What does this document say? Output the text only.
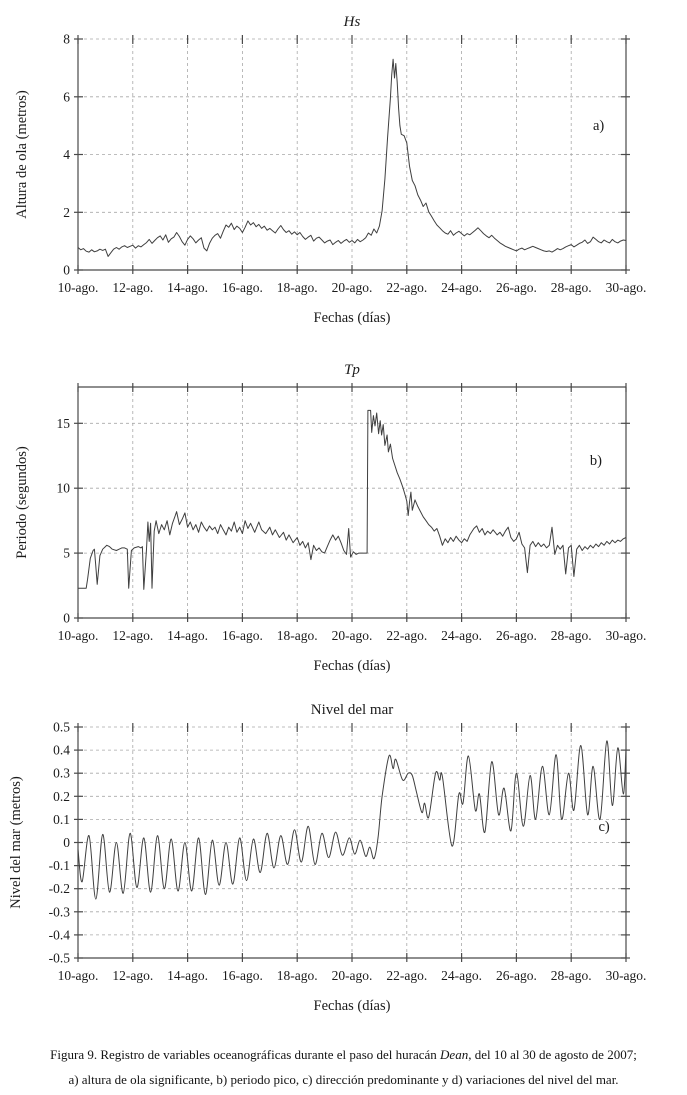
10-ago. 12-ago. 14-ago. 16-ago. 18-ago. 20-ago. 22-ago. 24-ago. 26-ago. 28-ago. 30-ago.
0
2
4
6
8
Hs
Fechas (días)
Altura de ola (metros)	a)
10-ago. 12-ago. 14-ago. 16-ago. 18-ago. 20-ago. 22-ago. 24-ago. 26-ago. 28-ago. 30-ago.
0
5
10
15
Tp
Fechas (días)
Periodo (segundos)	b)
10-ago. 12-ago. 14-ago. 16-ago. 18-ago. 20-ago. 22-ago. 24-ago. 26-ago. 28-ago. 30-ago.
-0.5
-0.4
-0.3
-0.2
-0.1
0
0.1
0.2
0.3
0.4
0.5
Nivel del mar
Fechas (días)
Nivel del mar (metros)	c)

Figura 9. Registro de variables oceanográficas durante el paso del huracán Dean, del 10 al 30 de agosto de 2007;

a) altura de ola significante, b) periodo pico, c) dirección predominante y d) variaciones del nivel del mar.
